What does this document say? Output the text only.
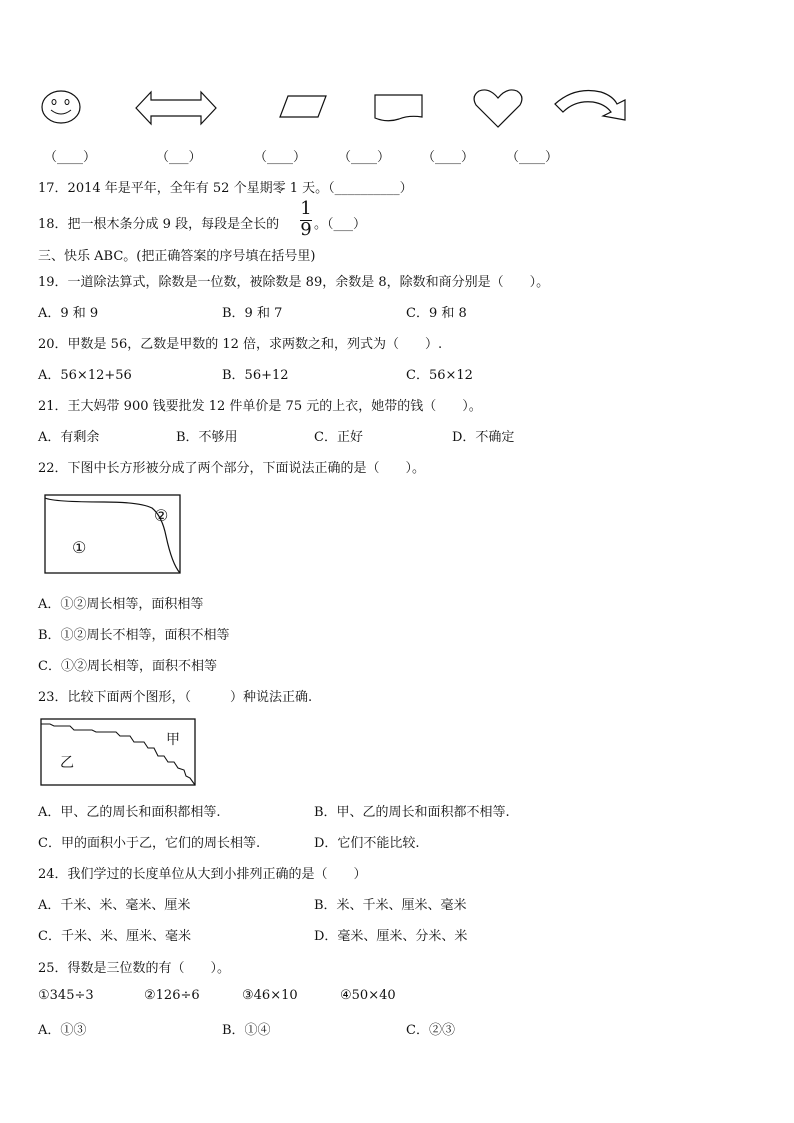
（____）	（___）	（____） （____） （____） （____）
17．2014 年是平年，全年有 52 个星期零 1 天。（__________）
18．把一根木条分成 9 段，每段是全长的
1
9 。（___）
三、快乐 ABC。(把正确答案的序号填在括号里)
19．一道除法算式，除数是一位数，被除数是 89，余数是 8，除数和商分别是（　　）。
A．9 和 9	B．9 和 7	C．9 和 8
20．甲数是 56，乙数是甲数的 12 倍，求两数之和，列式为（　　）.
A．56×12+56	B．56+12	C．56×12
21．王大妈带 900 钱要批发 12 件单价是 75 元的上衣，她带的钱（　　）。
A．有剩余	B．不够用	C．正好	D．不确定
22．下图中长方形被分成了两个部分，下面说法正确的是（　　）。
①
②
A．①②周长相等，面积相等
B．①②周长不相等，面积不相等
C．①②周长相等，面积不相等
23．比较下面两个图形，（　　　）种说法正确.
甲
乙
A．甲、乙的周长和面积都相等.	B．甲、乙的周长和面积都不相等.
C．甲的面积小于乙，它们的周长相等.	D．它们不能比较.
24．我们学过的长度单位从大到小排列正确的是（　　）
A．千米、米、毫米、厘米	B．米、千米、厘米、毫米
C．千米、米、厘米、毫米	D．毫米、厘米、分米、米
25．得数是三位数的有（　　）。
①345÷3	②126÷6	③46×10	④50×40
A．①③	B．①④	C．②③
